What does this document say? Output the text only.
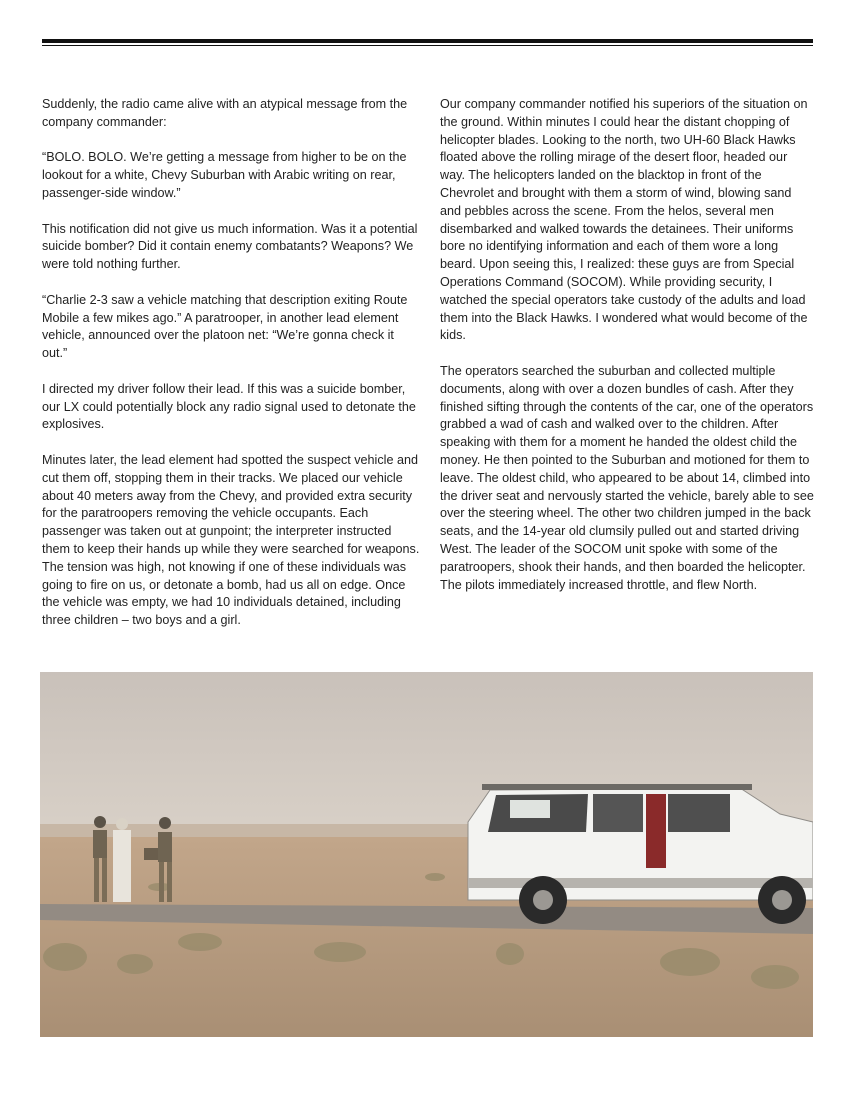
Suddenly, the radio came alive with an atypical message from the company commander:

“BOLO. BOLO. We’re getting a message from higher to be on the lookout for a white, Chevy Suburban with Arabic writing on rear, passenger-side window.”

This notification did not give us much information. Was it a potential suicide bomber? Did it contain enemy combatants? Weapons? We were told nothing further.

“Charlie 2-3 saw a vehicle matching that description exiting Route Mobile a few mikes ago.” A paratrooper, in another lead element vehicle, announced over the platoon net: “We’re gonna check it out.”

I directed my driver follow their lead. If this was a suicide bomber, our LX could potentially block any radio signal used to detonate the explosives.

Minutes later, the lead element had spotted the suspect vehicle and cut them off, stopping them in their tracks. We placed our vehicle about 40 meters away from the Chevy, and provided extra security for the paratroopers removing the vehicle occupants. Each passenger was taken out at gunpoint; the interpreter instructed them to keep their hands up while they were searched for weapons. The tension was high, not knowing if one of these individuals was going to fire on us, or detonate a bomb, had us all on edge. Once the vehicle was empty, we had 10 individuals detained, including three children – two boys and a girl.

Our company commander notified his superiors of the situation on the ground. Within minutes I could hear the distant chopping of helicopter blades. Looking to the north, two UH-60 Black Hawks floated above the rolling mirage of the desert floor, headed our way. The helicopters landed on the blacktop in front of the Chevrolet and brought with them a storm of wind, blowing sand and pebbles across the scene. From the helos, several men disembarked and walked towards the detainees. Their uniforms bore no identifying information and each of them wore a long beard. Upon seeing this, I realized: these guys are from Special Operations Command (SOCOM). While providing security, I watched the special operators take custody of the adults and load them into the Black Hawks. I wondered what would become of the kids.

The operators searched the suburban and collected multiple documents, along with over a dozen bundles of cash. After they finished sifting through the contents of the car, one of the operators grabbed a wad of cash and walked over to the children. After speaking with them for a moment he handed the oldest child the money. He then pointed to the Suburban and motioned for them to leave. The oldest child, who appeared to be about 14, climbed into the driver seat and nervously started the vehicle, barely able to see over the steering wheel. The other two children jumped in the back seats, and the 14-year old clumsily pulled out and started driving West. The leader of the SOCOM unit spoke with some of the paratroopers, shook their hands, and then boarded the helicopter. The pilots immediately increased throttle, and flew North.
